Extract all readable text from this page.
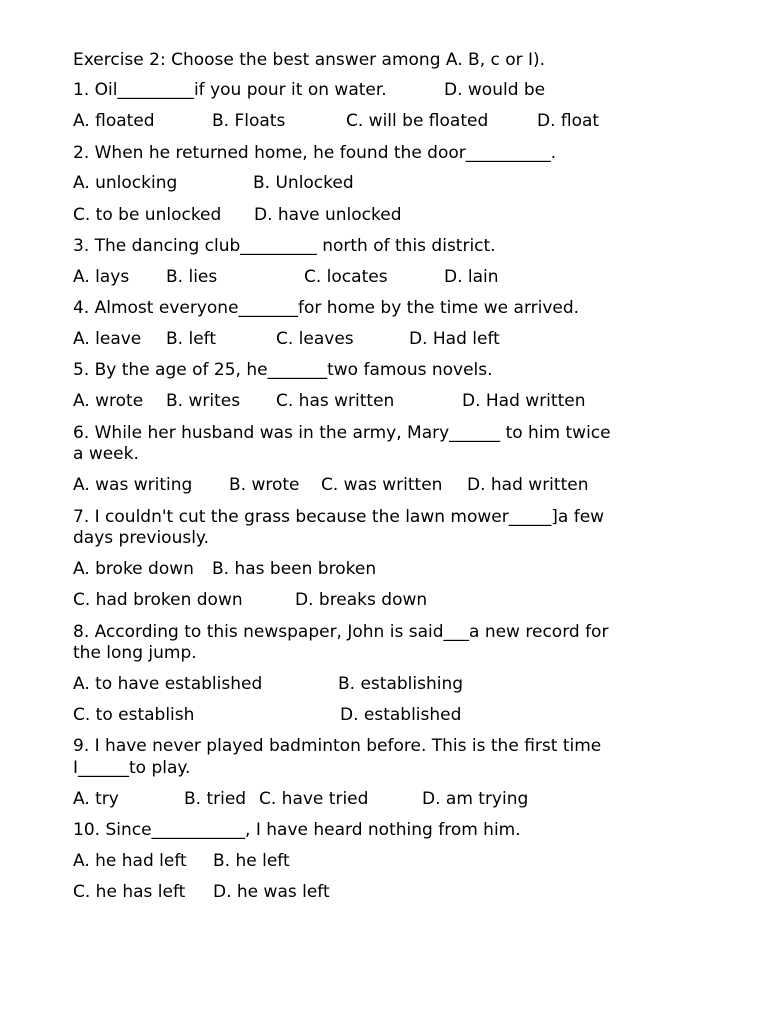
Exercise 2: Choose the best answer among A. B, c or I).
1. Oil_________if you pour it on water.	D. would be
A. floated	B. Floats	C. will be floated	D. float
2. When he returned home, he found the door__________.
A. unlocking	B. Unlocked
C. to be unlocked D. have unlocked
3. The dancing club_________ north of this district.
A. lays B. lies	C. locates	D. lain
4. Almost everyone_______for home by the time we arrived.
A. leave B. left	C. leaves	D. Had left
5. By the age of 25, he_______two famous novels.
A. wrote B. writes C. has written	D. Had written
6. While her husband was in the army, Mary______ to him twice
a week.
A. was writing B. wrote C. was written D. had written
7. I couldn't cut the grass because the lawn mower_____]a few
days previously.
A. broke down B. has been broken
C. had broken down	D. breaks down
8. According to this newspaper, John is said___a new record for
the long jump.
A. to have established	B. establishing
C. to establish	D. established
9. I have never played badminton before. This is the first time
I______to play.
A. try	B. tried C. have tried	D. am trying
10. Since___________, I have heard nothing from him.
A. he had left B. he left
C. he has left D. he was left
